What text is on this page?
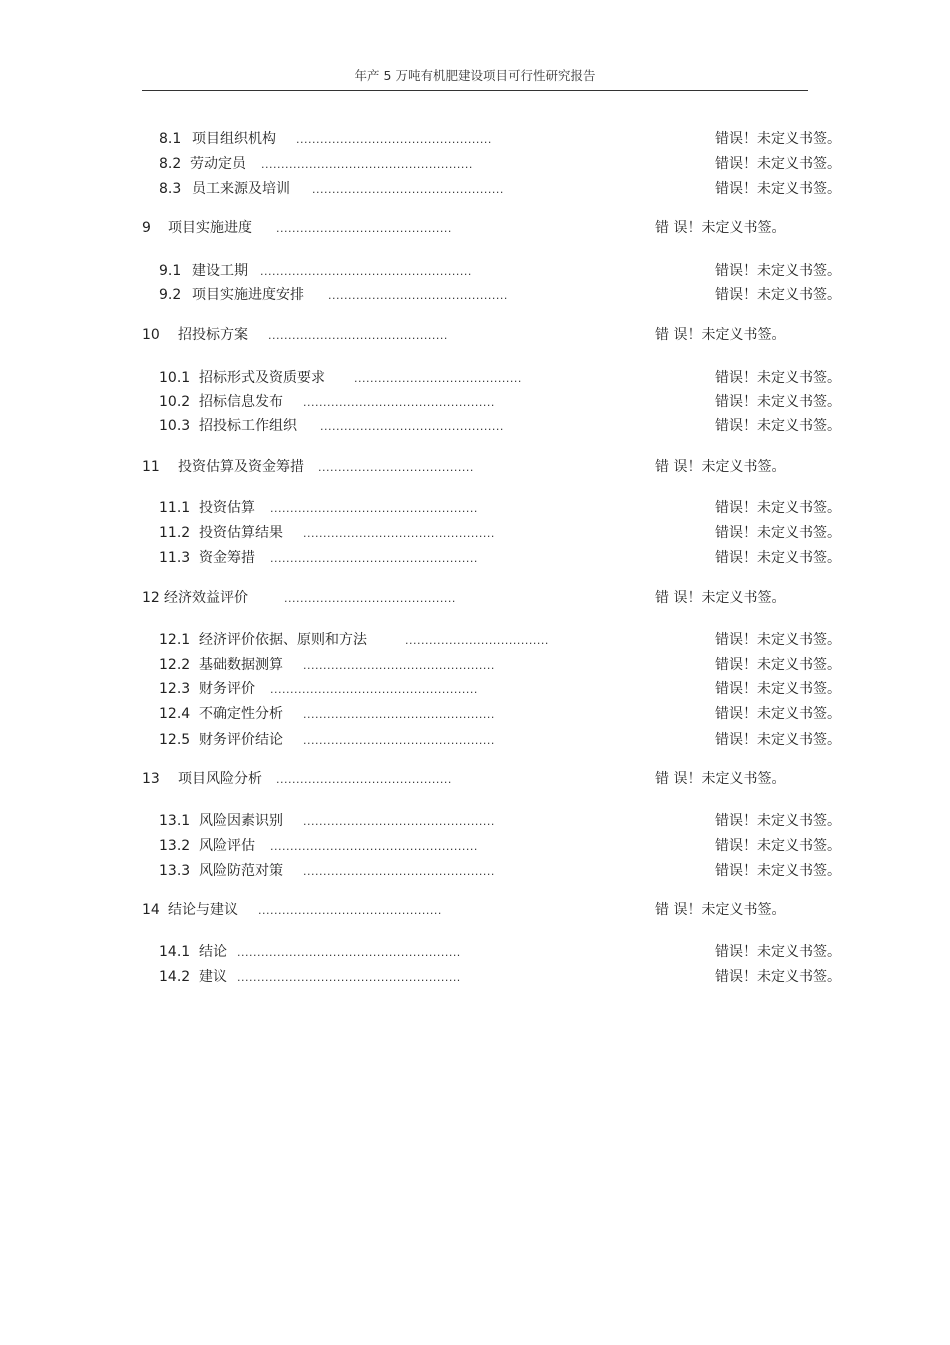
年产 5 万吨有机肥建设项目可行性研究报告
8.1 项目组织机构 .................................................	错误！未定义书签。
8.2 劳动定员 .....................................................	错误！未定义书签。
8.3 员工来源及培训 ................................................	错误！未定义书签。
9 项目实施进度 ............................................	错 误！未定义书签。
9.1 建设工期 .....................................................	错误！未定义书签。
9.2 项目实施进度安排 .............................................	错误！未定义书签。
10 招投标方案 .............................................	错 误！未定义书签。
10.1 招标形式及资质要求	..........................................	错误！未定义书签。
10.2 招标信息发布 ................................................	错误！未定义书签。
10.3 招投标工作组织 ..............................................	错误！未定义书签。
11 投资估算及资金筹措 .......................................	错 误！未定义书签。
11.1 投资估算 ....................................................	错误！未定义书签。
11.2 投资估算结果 ................................................	错误！未定义书签。
11.3 资金筹措 ....................................................	错误！未定义书签。
12 经济效益评价	...........................................	错 误！未定义书签。
12.1 经济评价依据、原则和方法	....................................	错误！未定义书签。
12.2 基础数据测算 ................................................	错误！未定义书签。
12.3 财务评价 ....................................................	错误！未定义书签。
12.4 不确定性分析 ................................................	错误！未定义书签。
12.5 财务评价结论 ................................................	错误！未定义书签。
13 项目风险分析 ............................................	错 误！未定义书签。
13.1 风险因素识别 ................................................	错误！未定义书签。
13.2 风险评估 ....................................................	错误！未定义书签。
13.3 风险防范对策 ................................................	错误！未定义书签。
14 结论与建议 ..............................................	错 误！未定义书签。
14.1 结论 ........................................................	错误！未定义书签。
14.2 建议 ........................................................	错误！未定义书签。
